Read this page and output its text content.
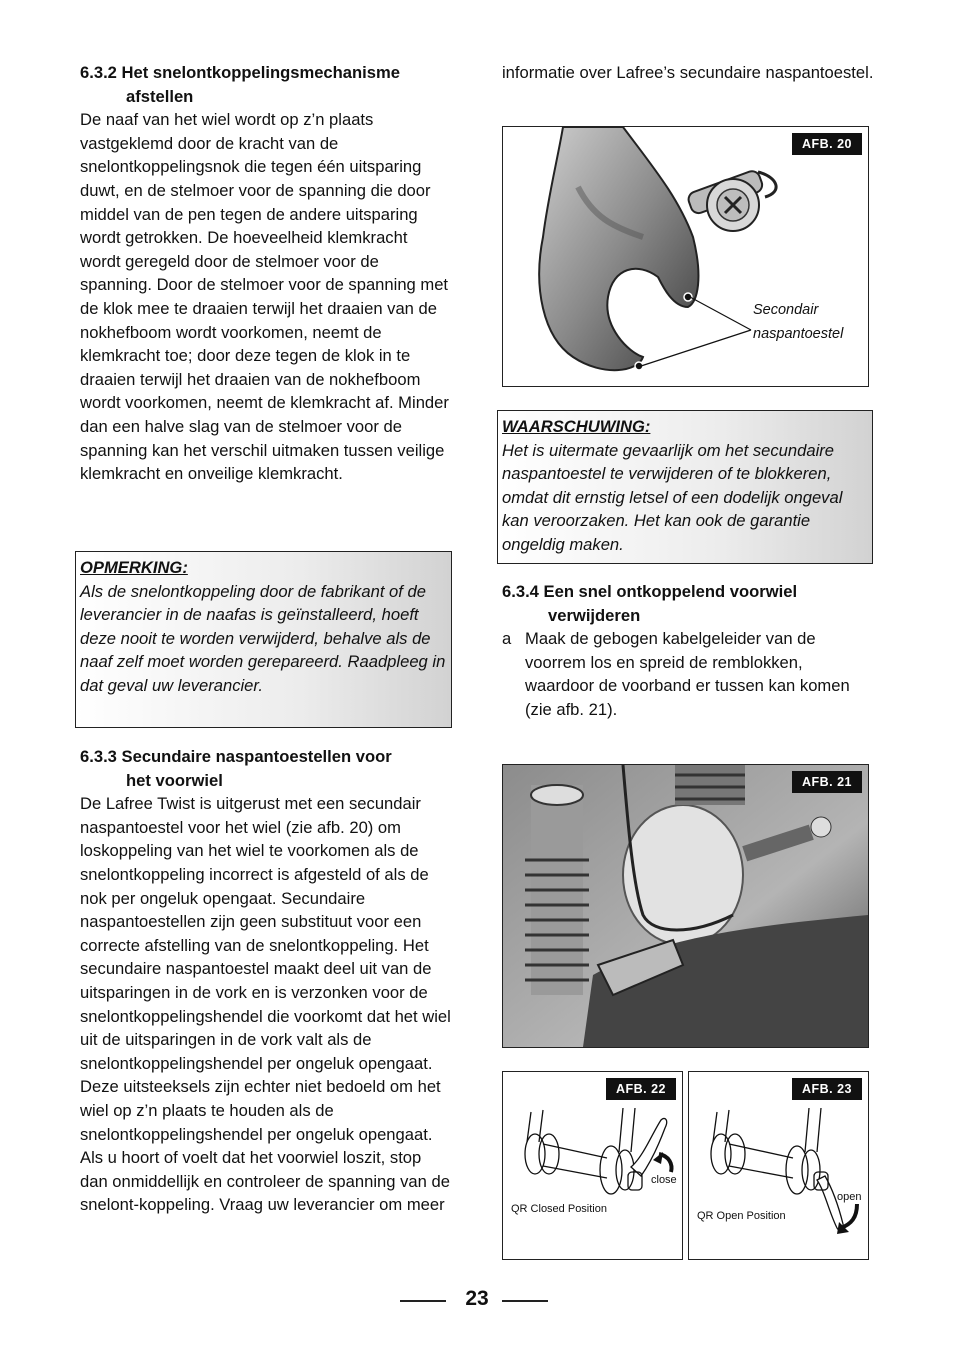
6.3.2 Het snelontkoppelingsmechanisme
afstellen

De naaf van het wiel wordt op z’n plaats vastgeklemd door de kracht van de snelontkoppelingsnok die tegen één uitsparing duwt, en de stelmoer voor de spanning die door middel van de pen tegen de andere uitsparing wordt getrokken. De hoeveelheid klemkracht wordt geregeld door de stelmoer voor de spanning. Door de stelmoer voor de spanning met de klok mee te draaien terwijl het draaien van de nokhefboom wordt voorkomen, neemt de klemkracht toe; door deze tegen de klok in te draaien terwijl het draaien van de nokhefboom wordt voorkomen, neemt de klemkracht af. Minder dan een halve slag van de stelmoer voor de spanning kan het verschil uitmaken tussen veilige klemkracht en onveilige klemkracht.

OPMERKING:
Als de snelontkoppeling door de fabrikant of de leverancier in de naafas is geïnstalleerd, hoeft deze nooit te worden verwijderd, behalve als de naaf zelf moet worden gerepareerd. Raadpleeg in dat geval uw leverancier.
6.3.3 Secundaire naspantoestellen voor
het voorwiel

De Lafree Twist is uitgerust met een secundair naspantoestel voor het wiel (zie afb. 20) om loskoppeling van het wiel te voorkomen als de snelontkoppeling incorrect is afgesteld of als de nok per ongeluk opengaat. Secundaire naspantoestellen zijn geen substituut voor een correcte afstelling van de snelontkoppeling. Het secundaire naspantoestel maakt deel uit van de uitsparingen in de vork en is verzonken voor de snelontkoppelingshendel die voorkomt dat het wiel uit de uitsparingen in de vork valt als de snelontkoppelingshendel per ongeluk opengaat. Deze uitsteeksels zijn echter niet bedoeld om het wiel op z’n plaats te houden als de snelontkoppelingshendel per ongeluk opengaat. Als u hoort of voelt dat het voorwiel loszit, stop dan onmiddellijk en controleer de spanning van de snelont-koppeling. Vraag uw leverancier om meer

informatie over Lafree’s secundaire naspantoestel.

AFB. 20
Secondair
naspantoestel
WAARSCHUWING:
Het is uitermate gevaarlijk om het secundaire naspantoestel te verwijderen of te blokkeren, omdat dit ernstig letsel of een dodelijk ongeval kan veroorzaken. Het kan ook de garantie ongeldig maken.
6.3.4 Een snel ontkoppelend voorwiel
verwijderen
a Maak de gebogen kabelgeleider van de voorrem los en spreid de remblokken, waardoor de voorband er tussen kan komen (zie afb. 21).
AFB. 21
AFB. 22
close
QR Closed Position
AFB. 23
open
QR Open Position
23
